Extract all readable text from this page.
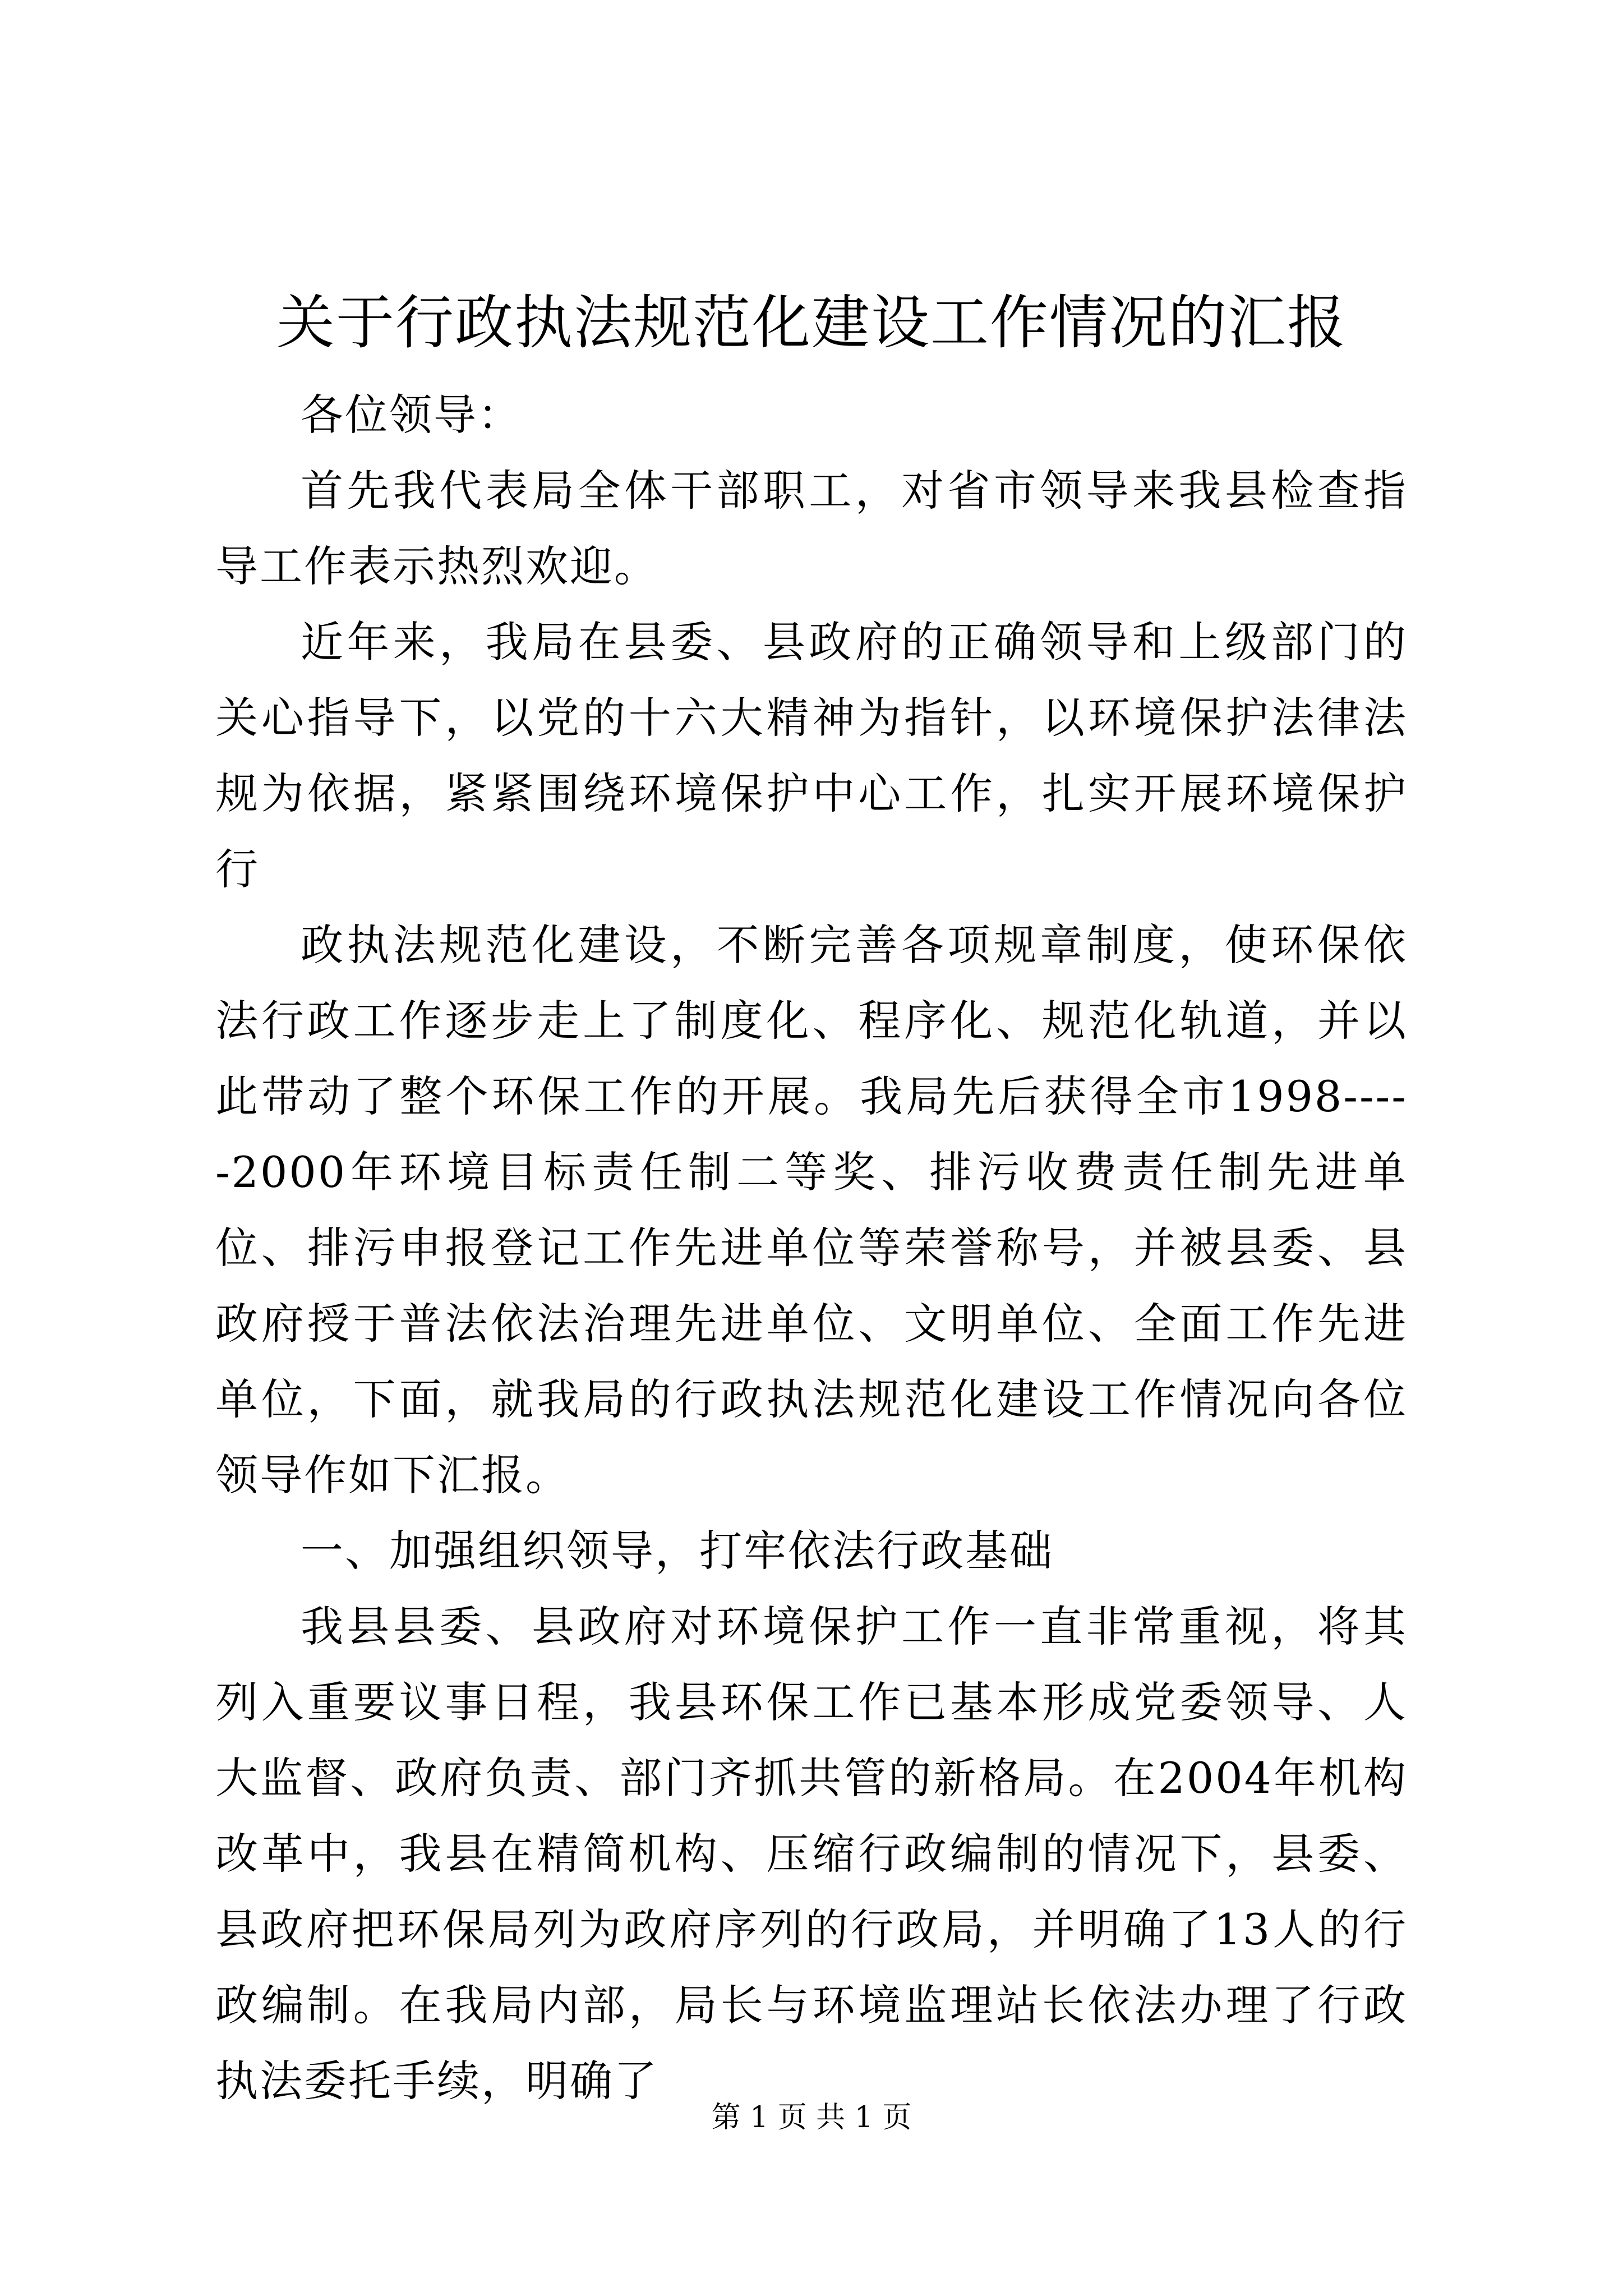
关于行政执法规范化建设工作情况的汇报

各位领导：

首先我代表局全体干部职工，对省市领导来我县检查指导工作表示热烈欢迎。

近年来，我局在县委、县政府的正确领导和上级部门的关心指导下，以党的十六大精神为指针，以环境保护法律法规为依据，紧紧围绕环境保护中心工作，扎实开展环境保护行

政执法规范化建设，不断完善各项规章制度，使环保依法行政工作逐步走上了制度化、程序化、规范化轨道，并以此带动了整个环保工作的开展。我局先后获得全市1998-----2000年环境目标责任制二等奖、排污收费责任制先进单位、排污申报登记工作先进单位等荣誉称号，并被县委、县政府授于普法依法治理先进单位、文明单位、全面工作先进单位，下面，就我局的行政执法规范化建设工作情况向各位领导作如下汇报。

一、加强组织领导，打牢依法行政基础

我县县委、县政府对环境保护工作一直非常重视，将其列入重要议事日程，我县环保工作已基本形成党委领导、人大监督、政府负责、部门齐抓共管的新格局。在2004年机构改革中，我县在精简机构、压缩行政编制的情况下，县委、县政府把环保局列为政府序列的行政局，并明确了13人的行政编制。在我局内部，局长与环境监理站长依法办理了行政执法委托手续，明确了

第 1 页 共 1 页
